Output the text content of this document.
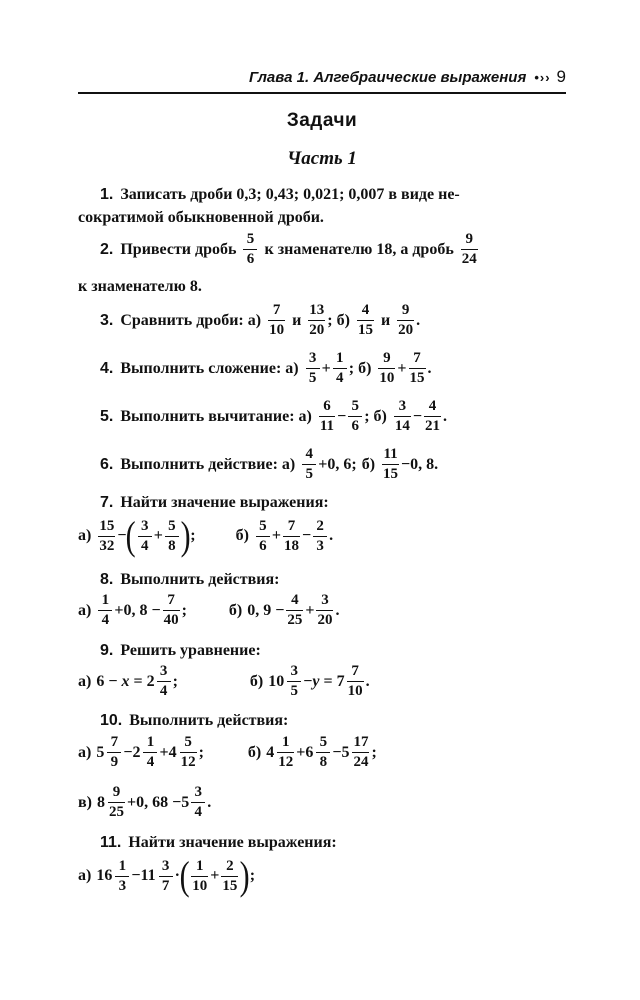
Глава 1. Алгебраические выражения •›› 9
Задачи
Часть 1
1. Записать дроби 0,3; 0,43; 0,021; 0,007 в виде не-
сократимой обыкновенной дроби.
2. Привести дробь $\frac{5}{6}$ к знаменателю 18, а дробь $\frac{9}{24}$
к знаменателю 8.
3. Сравнить дроби: $а) \frac{7}{10}$ и $\frac{13}{20}$ ; $б) \frac{4}{15}$ и $\frac{9}{20}$ .
4. Выполнить сложение: $а) \frac{3}{5} + \frac{1}{4}$ ; $б) \frac{9}{10} + \frac{7}{15}$ .
5. Выполнить вычитание: $а) \frac{6}{11} - \frac{5}{6}$ ; $б) \frac{3}{14} - \frac{4}{21}$ .
6. Выполнить действие: $а) \frac{4}{5} +0$, 6; $б) \frac{11}{15} -0$, 8.
7. Найти значение выражения:
$а) \frac{15}{32}$ − ( $\frac{3}{4} + \frac{5}{8}$ ) ;	$б) \frac{5}{6} + \frac{7}{18} - \frac{2}{3}$ .
8. Выполнить действия:
$а) \frac{1}{4} +0$, $8 - \frac{7}{40}$ ;	б) 0, $9 - \frac{4}{25} + \frac{3}{20}$ .
9. Решить уравнение:
а) $6 - x = 2 \frac{3}{4}$ ;	б) $10 \frac{3}{5} - y = 7 \frac{7}{10}$ .
10. Выполнить действия:
а) $5 \frac{7}{9} -2 \frac{1}{4} +4 \frac{5}{12}$ ;	б) $4 \frac{1}{12} +6 \frac{5}{8} -5 \frac{17}{24}$ ;
в) $8 \frac{9}{25} +0$, $68 -5 \frac{3}{4}$ .
11. Найти значение выражения:
а) $16 \frac{1}{3} -11 \frac{3}{7}$ · ( $\frac{1}{10} + \frac{2}{15}$ ) ;
